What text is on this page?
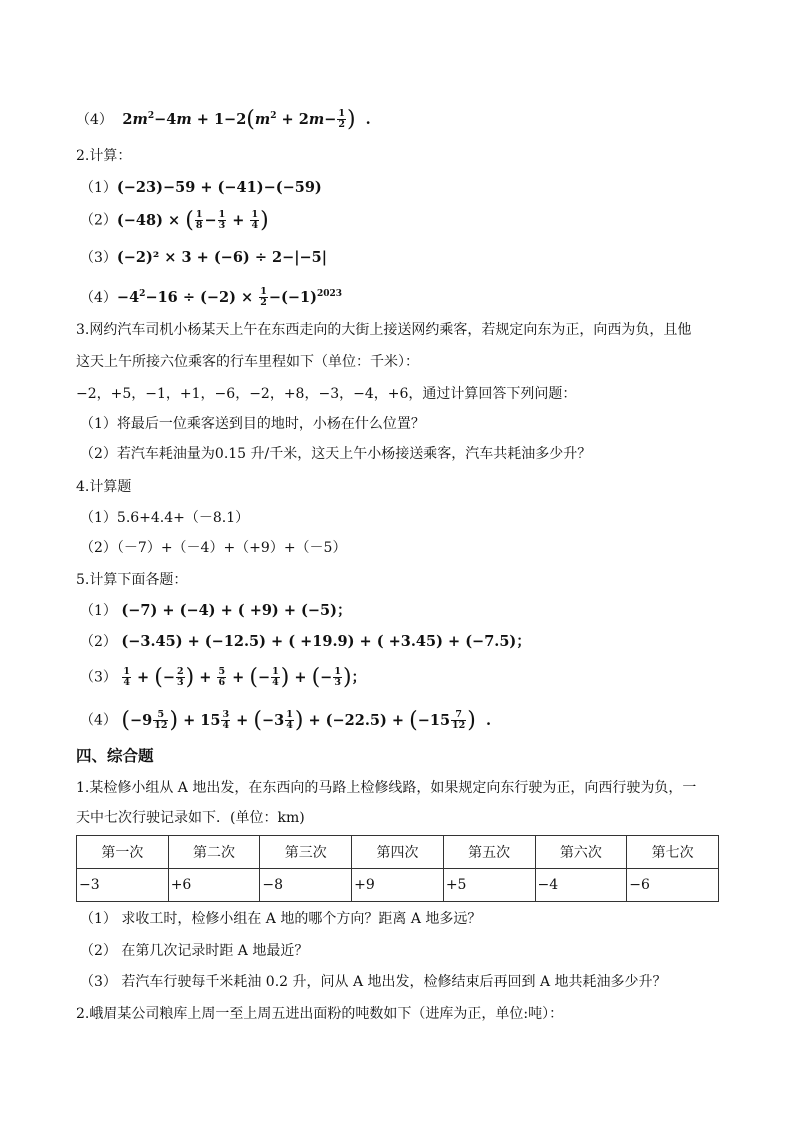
（4）  $2m^2-4m + 1-2(m^2 + 2m- \frac{1}{2}$ )  .
2.计算：
（1）(−23)−59 + (−41)−(−59)
（2）(−48) × ( $\frac{1}{8} - \frac{1}{3} + \frac{1}{4}$ )
（3）(−2)² × 3 + (−6) ÷ 2−|−5|
$(4)-4^2-16 \div (-2) \times \frac{1}{2} -(-1)^{2023}$
3.网约汽车司机小杨某天上午在东西走向的大街上接送网约乘客，若规定向东为正，向西为负，且他
这天上午所接六位乘客的行车里程如下（单位：千米）：
−2，+5，−1，+1，−6，−2，+8，−3，−4，+6，通过计算回答下列问题：
（1）将最后一位乘客送到目的地时，小杨在什么位置？
（2）若汽车耗油量为0.15 升/千米，这天上午小杨接送乘客，汽车共耗油多少升？
4.计算题
（1）5.6+4.4+（－8.1）
（2）（－7）+（－4）+（+9）+（－5）
5.计算下面各题：
（1） (−7) + (−4) + ( +9) + (−5)；
（2） (−3.45) + (−12.5) + ( +19.9) + ( +3.45) + (−7.5)；
$(3) \frac{1}{4}$ + (− $\frac{2}{3}$ ) + $\frac{5}{6}$ + (− $\frac{1}{4}$ ) + (− $\frac{1}{3}$ )；
（4） ($-9 \frac{5}{12}$ ) + $15 \frac{3}{4} + (-3 \frac{1}{4}$ ) + $(-22.5) + (-15 \frac{7}{12}$ )  .
四、综合题
1.某检修小组从 A 地出发，在东西向的马路上检修线路，如果规定向东行驶为正，向西行驶为负，一
天中七次行驶记录如下．(单位：km)
第一次	第二次	第三次	第四次	第五次	第六次	第七次
−3	+6	−8	+9	+5	−4	−6
（1） 求收工时，检修小组在 A 地的哪个方向？距离 A 地多远？
（2） 在第几次记录时距 A 地最近？
（3） 若汽车行驶每千米耗油 0.2 升，问从 A 地出发，检修结束后再回到 A 地共耗油多少升？
2.峨眉某公司粮库上周一至上周五进出面粉的吨数如下（进库为正，单位:吨）：
